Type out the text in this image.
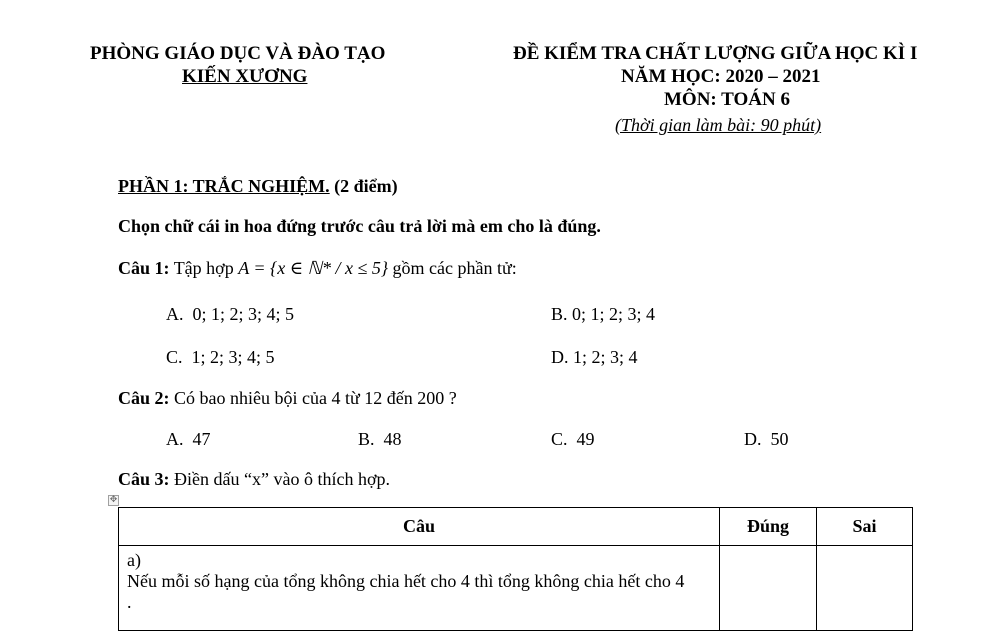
PHÒNG GIÁO DỤC VÀ ĐÀO TẠO
KIẾN XƯƠNG
ĐỀ KIỂM TRA CHẤT LƯỢNG GIỮA HỌC KÌ I
NĂM HỌC: 2020 – 2021
MÔN: TOÁN 6
(Thời gian làm bài: 90 phút)
PHẦN 1: TRẮC NGHIỆM. (2 điểm)
Chọn chữ cái in hoa đứng trước câu trả lời mà em cho là đúng.
Câu 1: Tập hợp A = {x ∈ ℕ* / x ≤ 5} gồm các phần tử:
A. 0; 1; 2; 3; 4; 5	B. 0; 1; 2; 3; 4
C. 1; 2; 3; 4; 5	D. 1; 2; 3; 4
Câu 2: Có bao nhiêu bội của 4 từ 12 đến 200 ?
A. 47	B. 48	C. 49	D. 50
Câu 3: Điền dấu “x” vào ô thích hợp.
✥
Câu	Đúng	Sai

a)Nếu mỗi số hạng của tổng không chia hết cho 4 thì tổng không chia hết cho 4 .		
